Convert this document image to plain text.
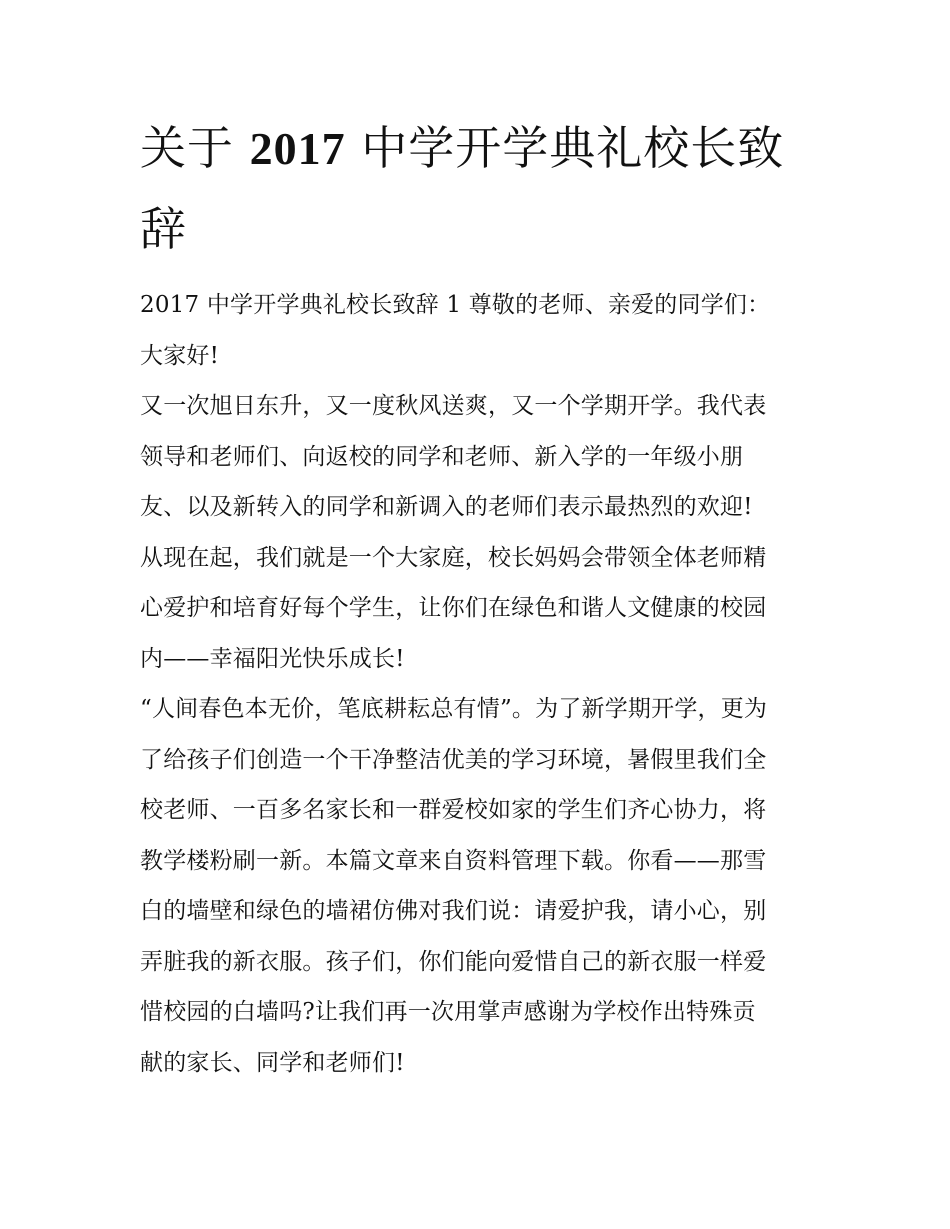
关于 2017 中学开学典礼校长致
辞

2017 中学开学典礼校长致辞 1 尊敬的老师、亲爱的同学们：

大家好!

又一次旭日东升，又一度秋风送爽，又一个学期开学。我代表

领导和老师们、向返校的同学和老师、新入学的一年级小朋

友、以及新转入的同学和新调入的老师们表示最热烈的欢迎!

从现在起，我们就是一个大家庭，校长妈妈会带领全体老师精

心爱护和培育好每个学生，让你们在绿色和谐人文健康的校园

内——幸福阳光快乐成长!

“人间春色本无价，笔底耕耘总有情”。为了新学期开学，更为

了给孩子们创造一个干净整洁优美的学习环境，暑假里我们全

校老师、一百多名家长和一群爱校如家的学生们齐心协力，将

教学楼粉刷一新。本篇文章来自资料管理下载。你看——那雪

白的墙壁和绿色的墙裙仿佛对我们说：请爱护我，请小心，别

弄脏我的新衣服。孩子们，你们能向爱惜自己的新衣服一样爱

惜校园的白墙吗?让我们再一次用掌声感谢为学校作出特殊贡

献的家长、同学和老师们!
